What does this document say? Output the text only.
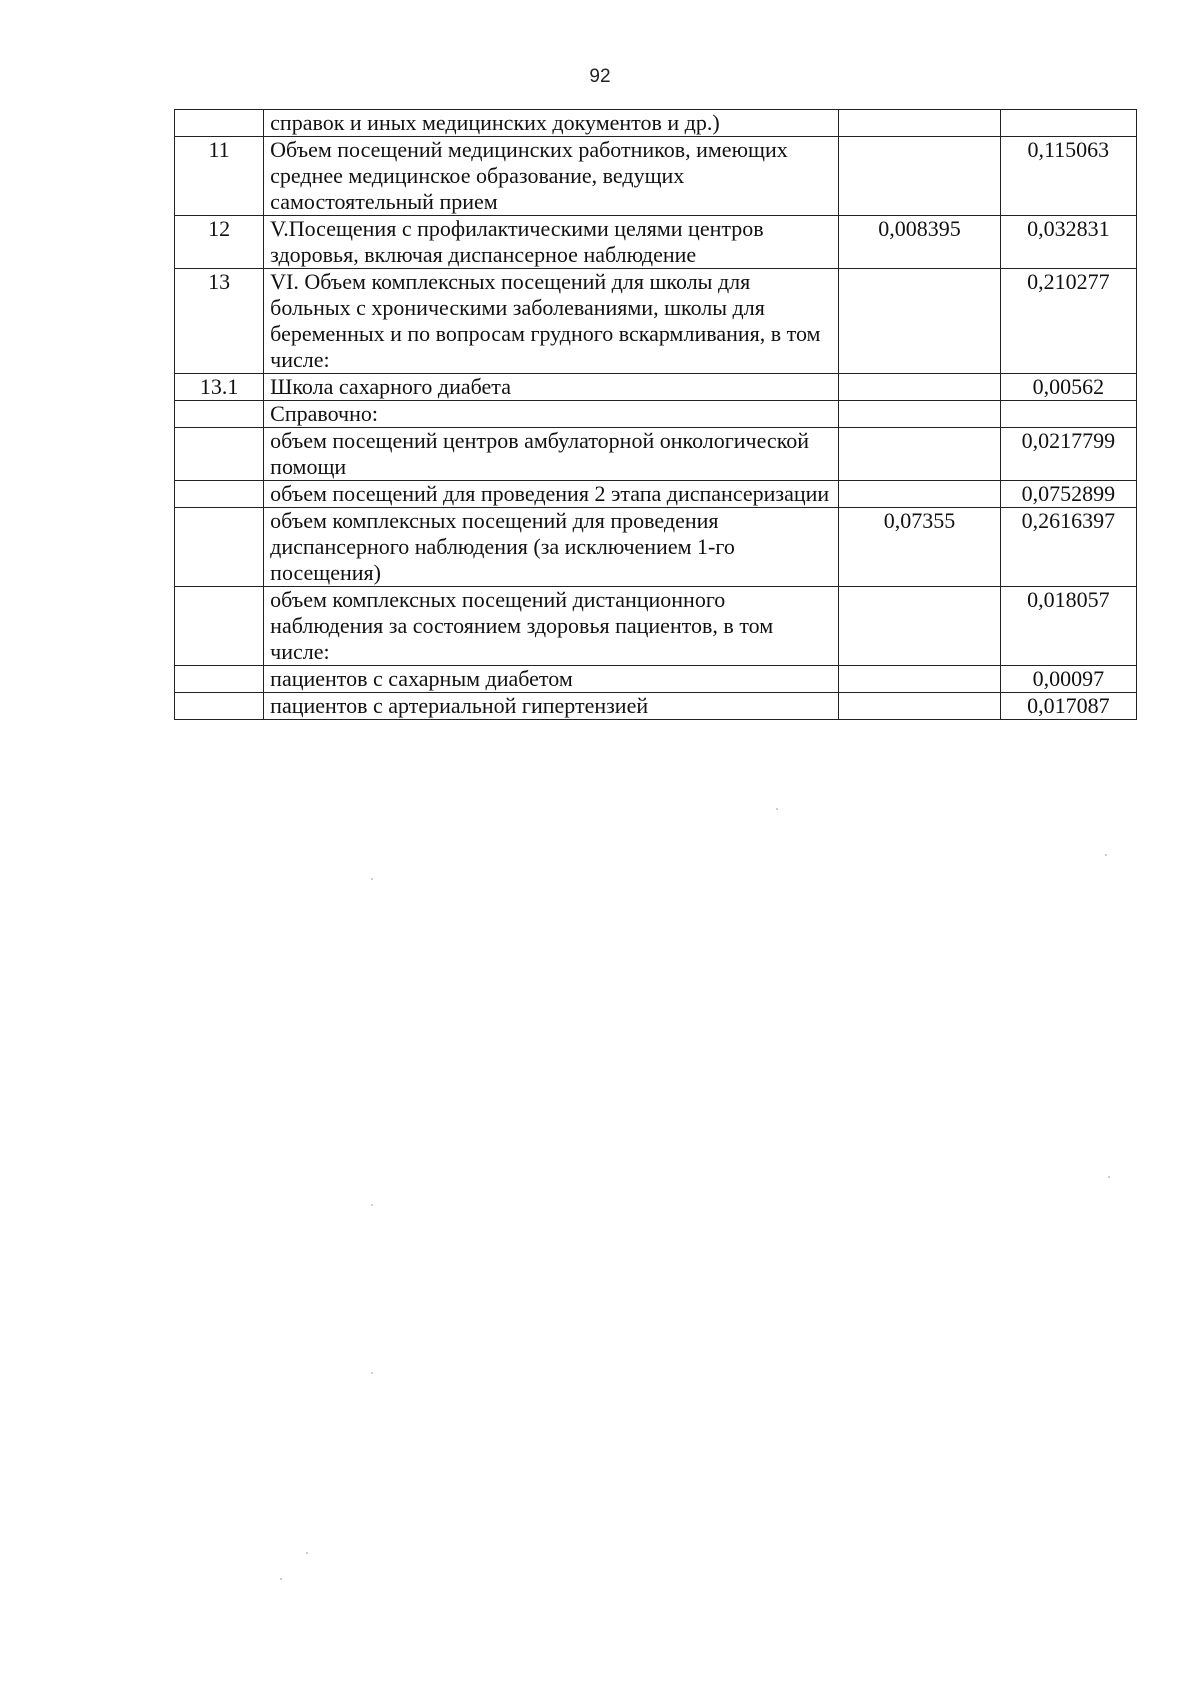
92
	справок и иных медицинских документов и др.)		
11	Объем посещений медицинских работников, имеющих среднее медицинское образование, ведущих самостоятельный прием		0,115063
12	V.Посещения с профилактическими целями центров здоровья, включая диспансерное наблюдение	0,008395	0,032831
13	VI. Объем комплексных посещений для школы для больных с хроническими заболеваниями, школы для беременных и по вопросам грудного вскармливания, в том числе:		0,210277
13.1	Школа сахарного диабета		0,00562
	Справочно:		
	объем посещений центров амбулаторной онкологической помощи		0,0217799
	объем посещений для проведения 2 этапа диспансеризации		0,0752899
	объем комплексных посещений для проведения диспансерного наблюдения (за исключением 1-го посещения)	0,07355	0,2616397
	объем комплексных посещений дистанционного наблюдения за состоянием здоровья пациентов, в том числе:		0,018057
	пациентов с сахарным диабетом		0,00097
	пациентов с артериальной гипертензией		0,017087
